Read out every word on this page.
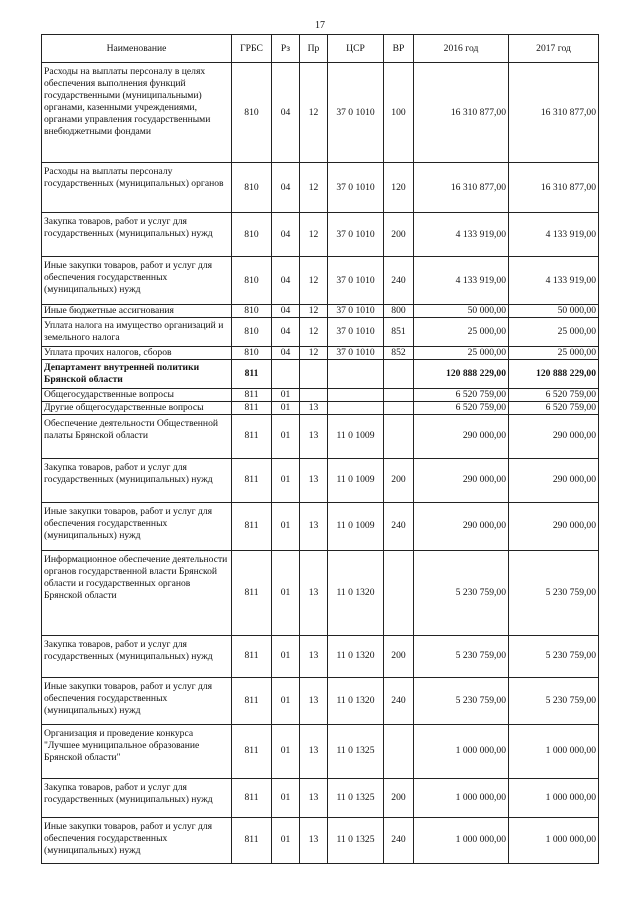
17
Наименование	ГРБС	Рз	Пр	ЦСР	ВР	2016 год	2017 год
Расходы на выплаты персоналу в целях обеспечения выполнения функций государственными (муниципальными) органами, казенными учреждениями, органами управления государственными внебюджетными фондами	810	04	12	37 0 1010	100	16 310 877,00	16 310 877,00
Расходы на выплаты персоналу государственных (муниципальных) органов	810	04	12	37 0 1010	120	16 310 877,00	16 310 877,00
Закупка товаров, работ и услуг для государственных (муниципальных) нужд	810	04	12	37 0 1010	200	4 133 919,00	4 133 919,00
Иные закупки товаров, работ и услуг для обеспечения государственных (муниципальных) нужд	810	04	12	37 0 1010	240	4 133 919,00	4 133 919,00
Иные бюджетные ассигнования	810	04	12	37 0 1010	800	50 000,00	50 000,00
Уплата налога на имущество организаций и земельного налога	810	04	12	37 0 1010	851	25 000,00	25 000,00
Уплата прочих налогов, сборов	810	04	12	37 0 1010	852	25 000,00	25 000,00
Департамент внутренней политики Брянской области	811					120 888 229,00	120 888 229,00
Общегосударственные вопросы	811	01				6 520 759,00	6 520 759,00
Другие общегосударственные вопросы	811	01	13			6 520 759,00	6 520 759,00
Обеспечение деятельности Общественной палаты Брянской области	811	01	13	11 0 1009		290 000,00	290 000,00
Закупка товаров, работ и услуг для государственных (муниципальных) нужд	811	01	13	11 0 1009	200	290 000,00	290 000,00
Иные закупки товаров, работ и услуг для обеспечения государственных (муниципальных) нужд	811	01	13	11 0 1009	240	290 000,00	290 000,00
Информационное обеспечение деятельности органов государственной власти Брянской области и государственных органов Брянской области	811	01	13	11 0 1320		5 230 759,00	5 230 759,00
Закупка товаров, работ и услуг для государственных (муниципальных) нужд	811	01	13	11 0 1320	200	5 230 759,00	5 230 759,00
Иные закупки товаров, работ и услуг для обеспечения государственных (муниципальных) нужд	811	01	13	11 0 1320	240	5 230 759,00	5 230 759,00
Организация и проведение конкурса "Лучшее муниципальное образование Брянской области"	811	01	13	11 0 1325		1 000 000,00	1 000 000,00
Закупка товаров, работ и услуг для государственных (муниципальных) нужд	811	01	13	11 0 1325	200	1 000 000,00	1 000 000,00
Иные закупки товаров, работ и услуг для обеспечения государственных (муниципальных) нужд	811	01	13	11 0 1325	240	1 000 000,00	1 000 000,00
